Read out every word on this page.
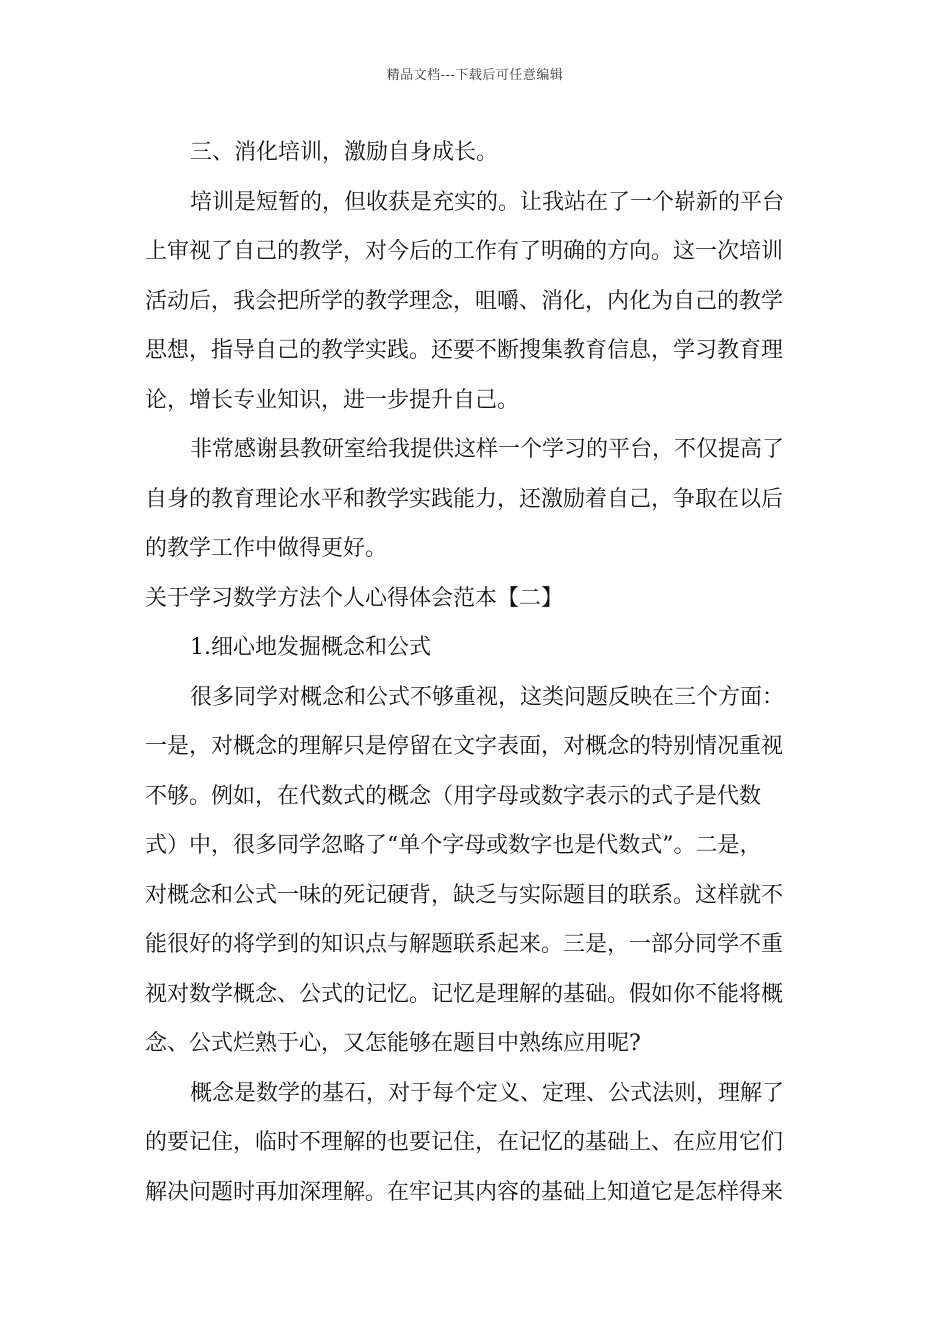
精品文档---下载后可任意编辑
三、消化培训，激励自身成长。
培训是短暂的，但收获是充实的。让我站在了一个崭新的平台
上审视了自己的教学，对今后的工作有了明确的方向。这一次培训
活动后，我会把所学的教学理念，咀嚼、消化，内化为自己的教学
思想，指导自己的教学实践。还要不断搜集教育信息，学习教育理
论，增长专业知识，进一步提升自己。
非常感谢县教研室给我提供这样一个学习的平台，不仅提高了
自身的教育理论水平和教学实践能力，还激励着自己，争取在以后
的教学工作中做得更好。
关于学习数学方法个人心得体会范本【二】
1.细心地发掘概念和公式
很多同学对概念和公式不够重视，这类问题反映在三个方面：
一是，对概念的理解只是停留在文字表面，对概念的特别情况重视
不够。例如，在代数式的概念（用字母或数字表示的式子是代数
式）中，很多同学忽略了“单个字母或数字也是代数式”。二是，
对概念和公式一味的死记硬背，缺乏与实际题目的联系。这样就不
能很好的将学到的知识点与解题联系起来。三是，一部分同学不重
视对数学概念、公式的记忆。记忆是理解的基础。假如你不能将概
念、公式烂熟于心，又怎能够在题目中熟练应用呢?
概念是数学的基石，对于每个定义、定理、公式法则，理解了
的要记住，临时不理解的也要记住，在记忆的基础上、在应用它们
解决问题时再加深理解。在牢记其内容的基础上知道它是怎样得来
